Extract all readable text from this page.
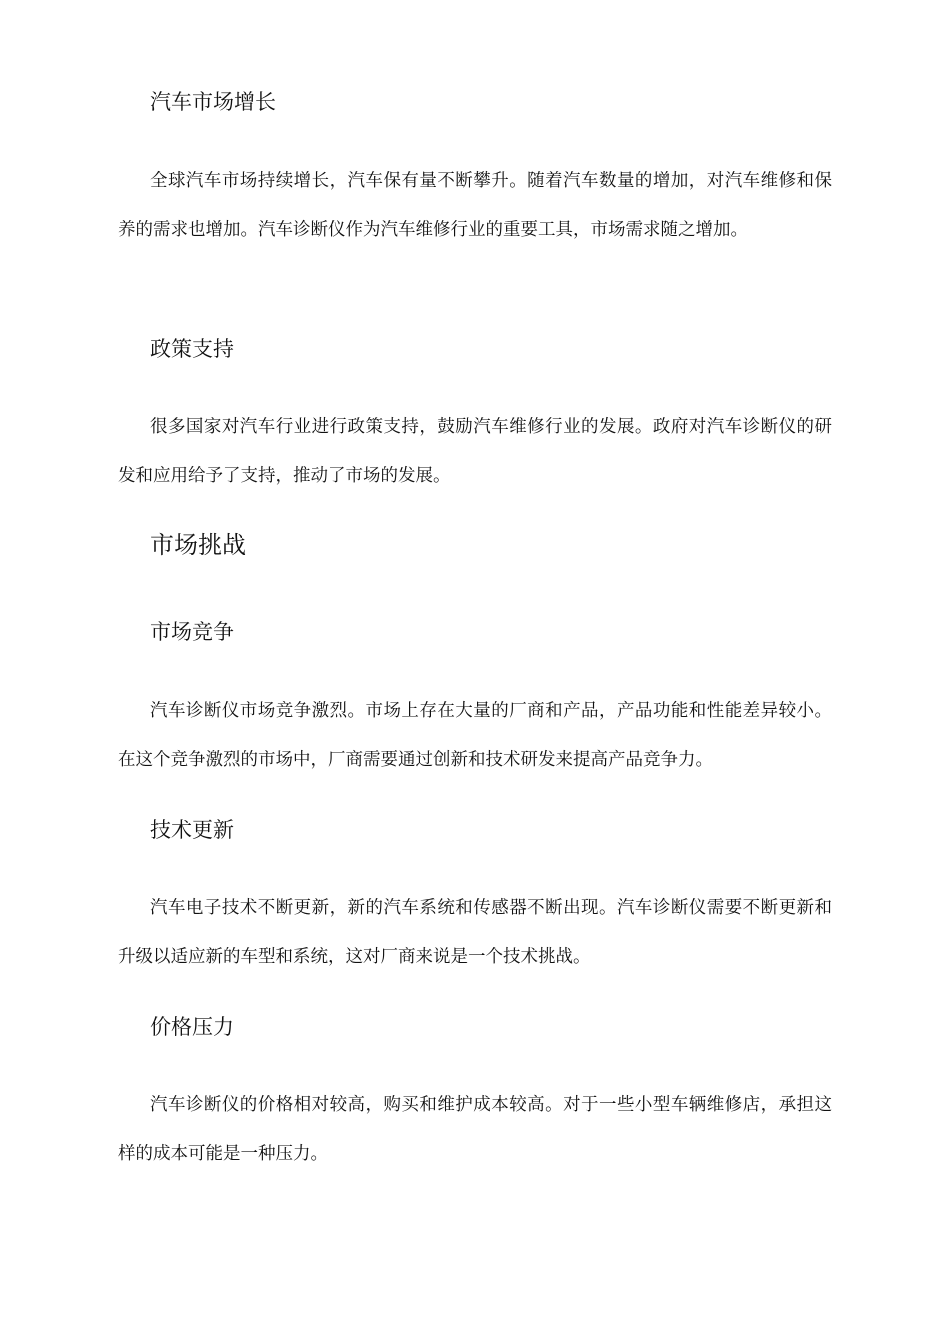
汽车市场增长

全球汽车市场持续增长，汽车保有量不断攀升。随着汽车数量的增加，对汽车维修和保养的需求也增加。汽车诊断仪作为汽车维修行业的重要工具，市场需求随之增加。

政策支持

很多国家对汽车行业进行政策支持，鼓励汽车维修行业的发展。政府对汽车诊断仪的研发和应用给予了支持，推动了市场的发展。

市场挑战
市场竞争

汽车诊断仪市场竞争激烈。市场上存在大量的厂商和产品，产品功能和性能差异较小。在这个竞争激烈的市场中，厂商需要通过创新和技术研发来提高产品竞争力。

技术更新

汽车电子技术不断更新，新的汽车系统和传感器不断出现。汽车诊断仪需要不断更新和升级以适应新的车型和系统，这对厂商来说是一个技术挑战。

价格压力

汽车诊断仪的价格相对较高，购买和维护成本较高。对于一些小型车辆维修店，承担这样的成本可能是一种压力。
